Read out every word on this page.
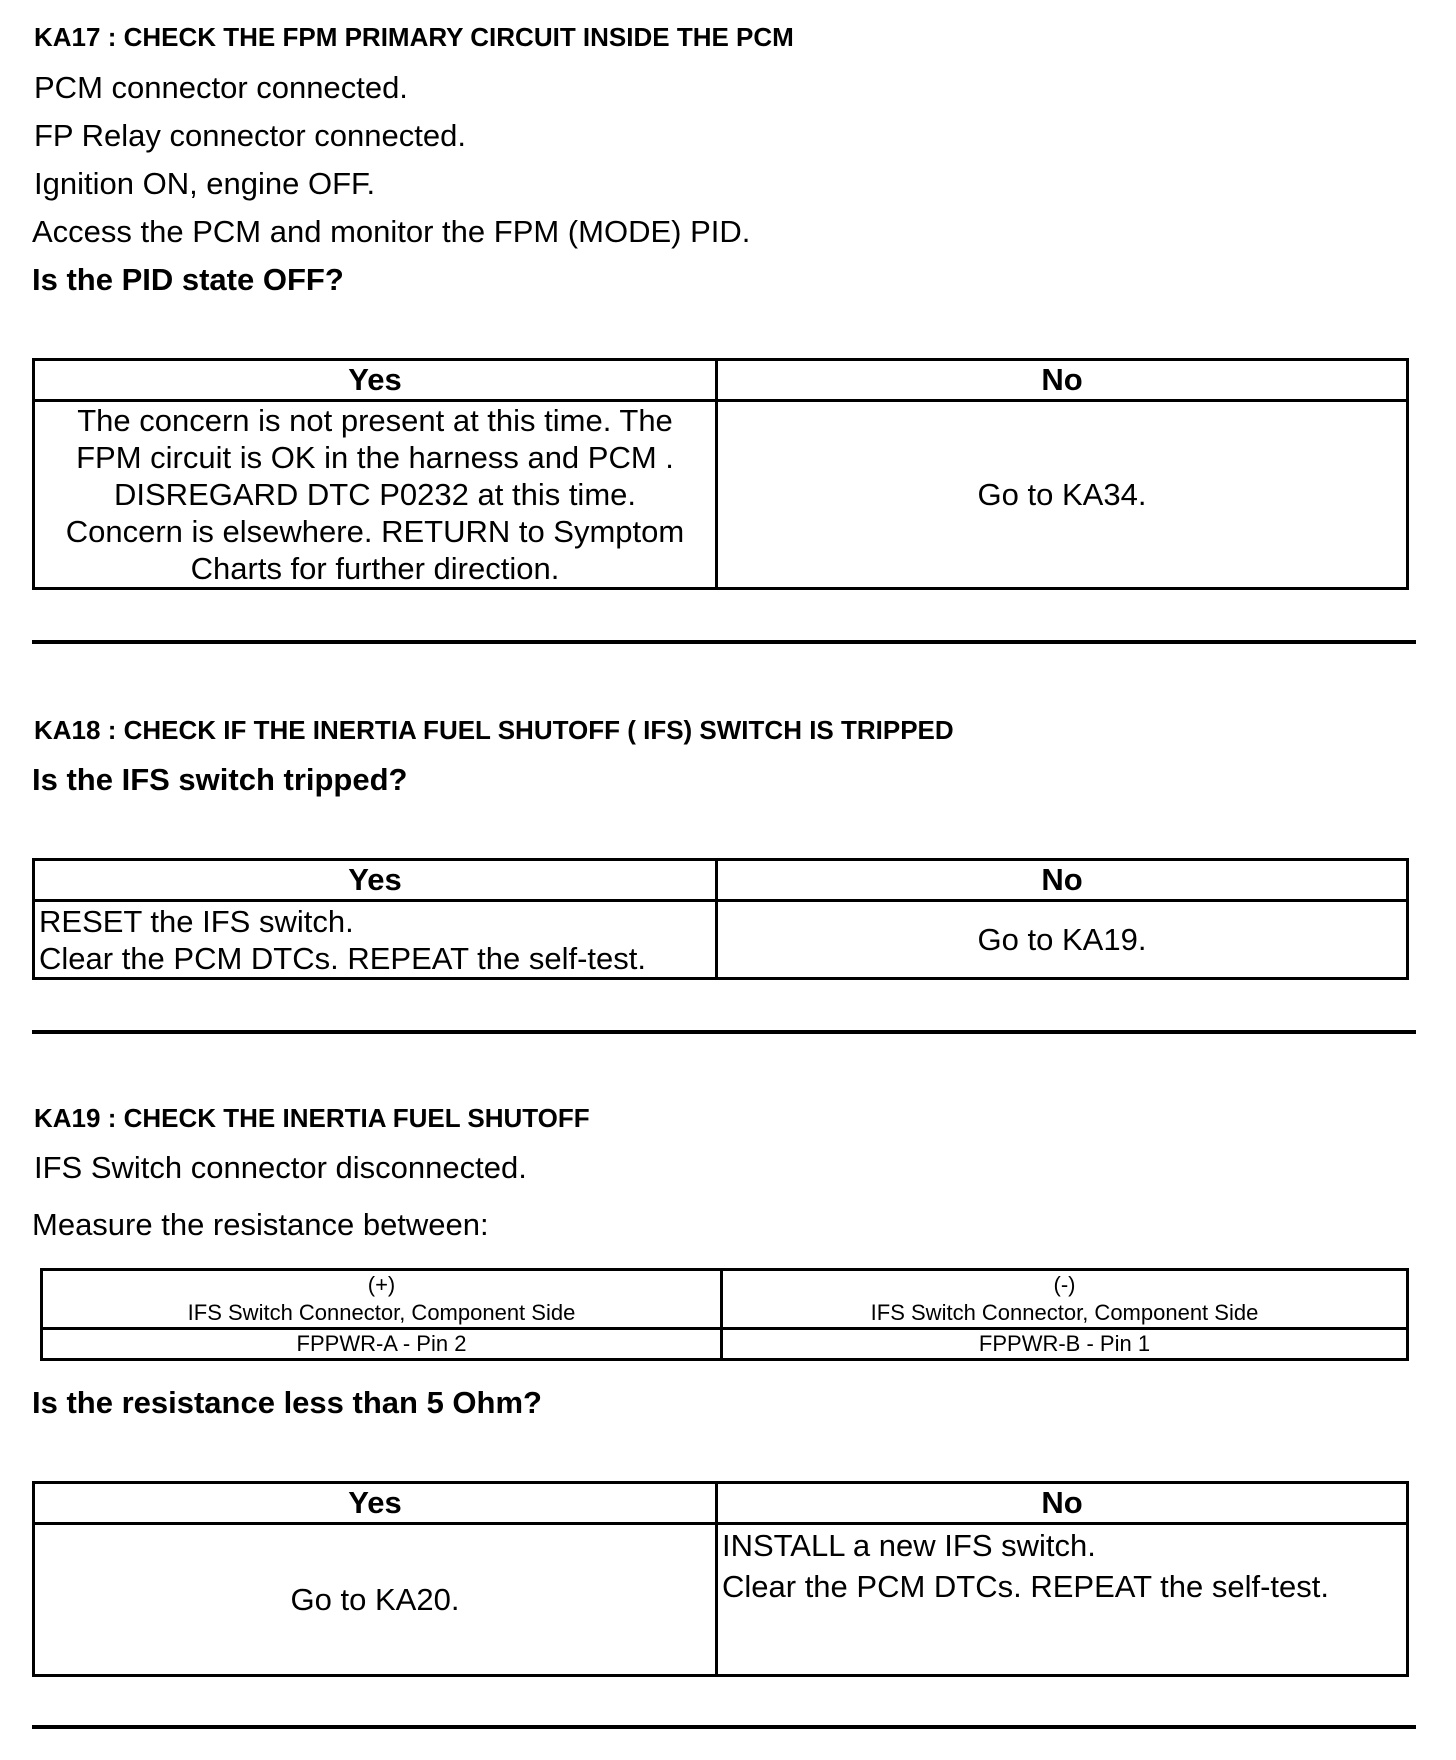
KA17 : CHECK THE FPM PRIMARY CIRCUIT INSIDE THE PCM
PCM connector connected.
FP Relay connector connected.
Ignition ON, engine OFF.
Access the PCM and monitor the FPM (MODE) PID.
Is the PID state OFF?
Yes	No

The concern is not present at this time. The
FPM circuit is OK in the harness and PCM .
DISREGARD DTC P0232 at this time.
Concern is elsewhere. RETURN to Symptom
Charts for further direction.	Go to KA34.
KA18 : CHECK IF THE INERTIA FUEL SHUTOFF ( IFS) SWITCH IS TRIPPED
Is the IFS switch tripped?
Yes	No

RESET the IFS switch.
Clear the PCM DTCs. REPEAT the self-test.	Go to KA19.
KA19 : CHECK THE INERTIA FUEL SHUTOFF
IFS Switch connector disconnected.
Measure the resistance between:
(+)
IFS Switch Connector, Component Side	(-)
IFS Switch Connector, Component Side

FPPWR-A - Pin 2	FPPWR-B - Pin 1
Is the resistance less than 5 Ohm?
Yes	No
Go to KA20.	INSTALL a new IFS switch.
Clear the PCM DTCs. REPEAT the self-test.
